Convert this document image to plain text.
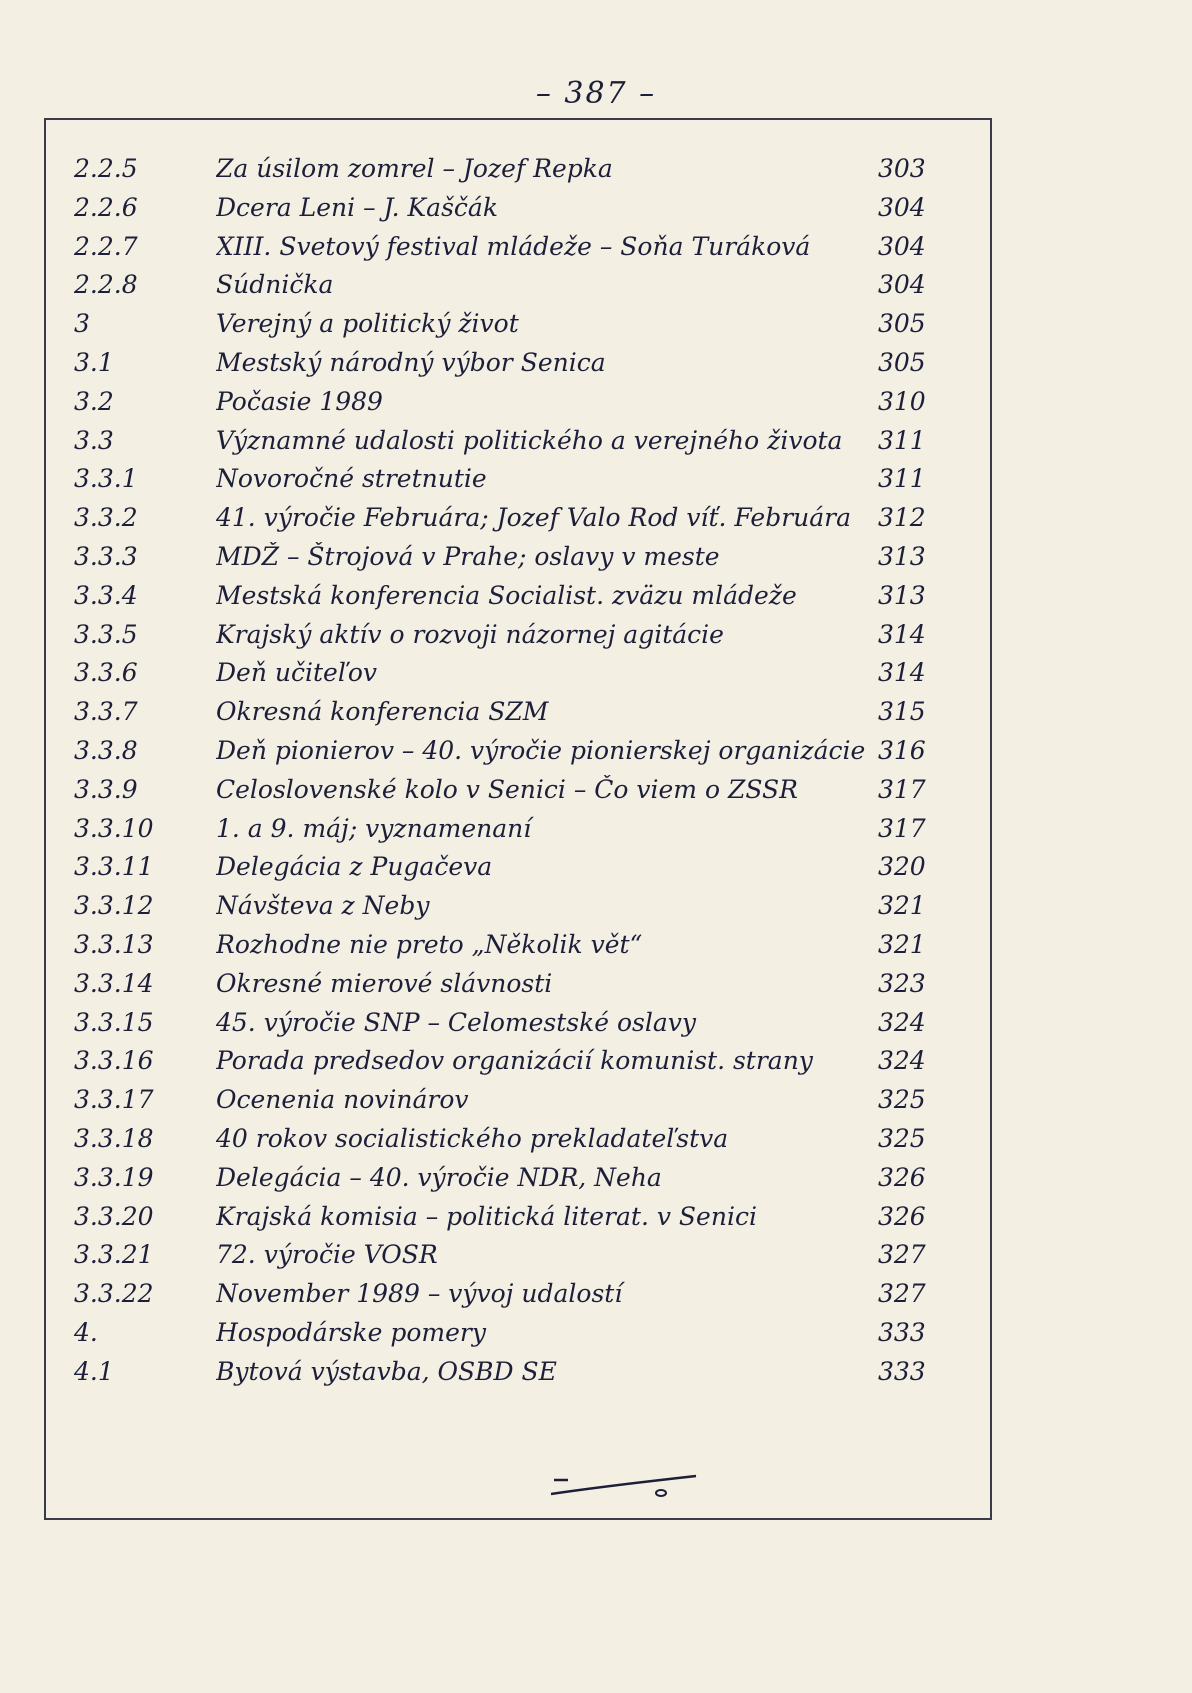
– 387 –
2.2.5	Za úsilom zomrel – Jozef Repka	303
2.2.6	Dcera Leni – J. Kaščák	304
2.2.7	XIII. Svetový festival mládeže – Soňa Turáková	304
2.2.8	Súdnička	304
3	Verejný a politický život	305
3.1	Mestský národný výbor Senica	305
3.2	Počasie 1989	310
3.3	Významné udalosti politického a verejného života	311
3.3.1	Novoročné stretnutie	311
3.3.2	41. výročie Februára; Jozef Valo Rod víť. Februára	312
3.3.3	MDŽ – Štrojová v Prahe; oslavy v meste	313
3.3.4	Mestská konferencia Socialist. zväzu mládeže	313
3.3.5	Krajský aktív o rozvoji názornej agitácie	314
3.3.6	Deň učiteľov	314
3.3.7	Okresná konferencia SZM	315
3.3.8	Deň pionierov – 40. výročie pionierskej organizácie 316
3.3.9	Celoslovenské kolo v Senici – Čo viem o ZSSR	317
3.3.10	1. a 9. máj; vyznamenaní	317
3.3.11	Delegácia z Pugačeva	320
3.3.12	Návšteva z Neby	321
3.3.13	Rozhodne nie preto „Několik vět“	321
3.3.14	Okresné mierové slávnosti	323
3.3.15	45. výročie SNP – Celomestské oslavy	324
3.3.16	Porada predsedov organizácií komunist. strany	324
3.3.17	Ocenenia novinárov	325
3.3.18	40 rokov socialistického prekladateľstva	325
3.3.19	Delegácia – 40. výročie NDR, Neha	326
3.3.20	Krajská komisia – politická literat. v Senici	326
3.3.21	72. výročie VOSR	327
3.3.22	November 1989 – vývoj udalostí	327
4.	Hospodárske pomery	333
4.1	Bytová výstavba, OSBD SE	333
